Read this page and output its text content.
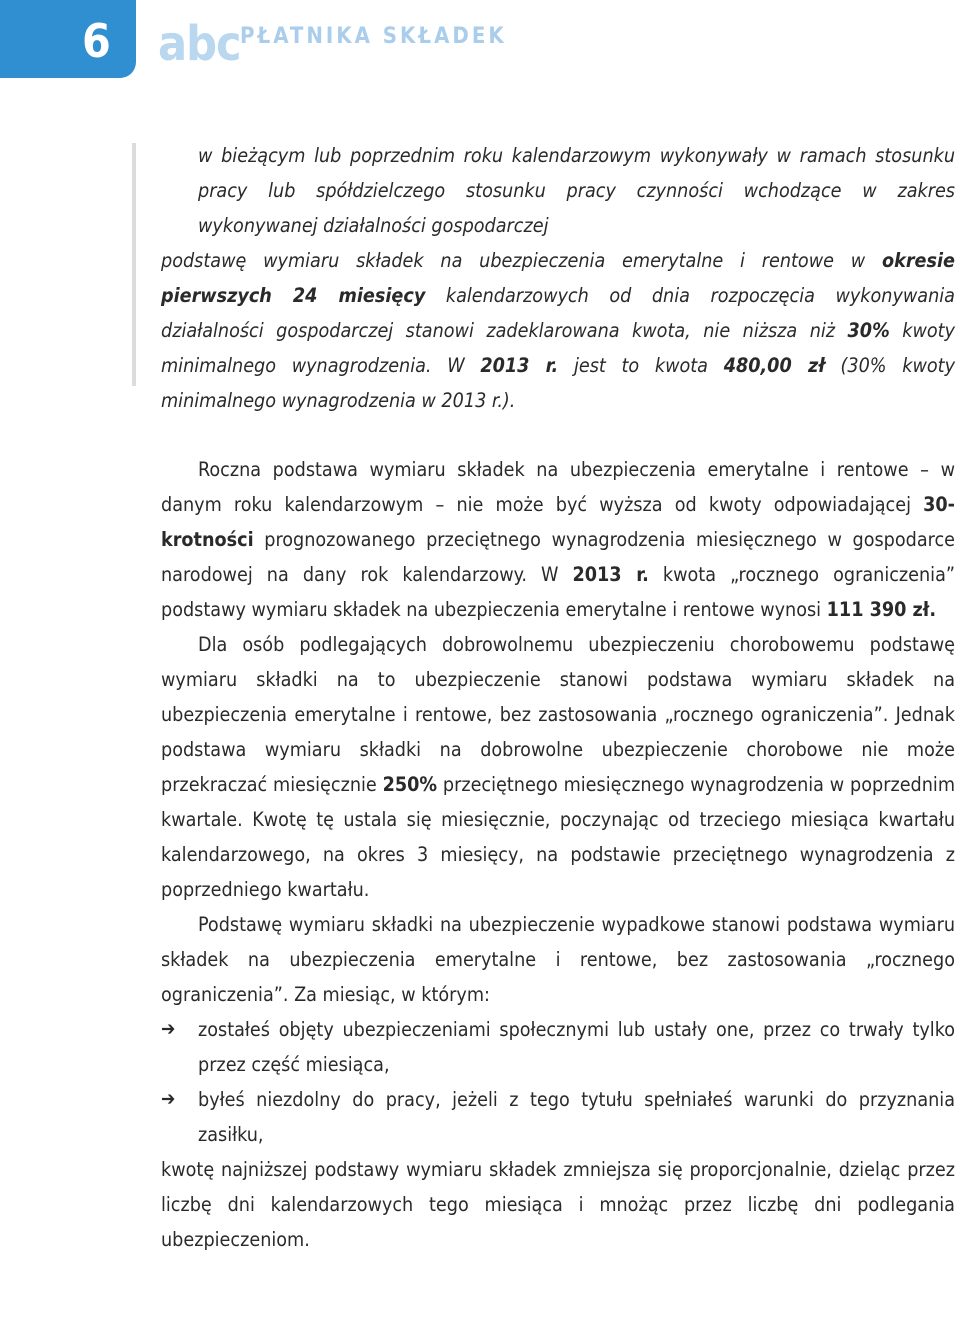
6 abc PŁATNIKA SKŁADEK
w bieżącym lub poprzednim roku kalendarzowym wykonywały w ramach stosunku pracy lub spółdzielczego stosunku pracy czynności wchodzące w zakres wykonywanej działalności gospodarczej
podstawę wymiaru składek na ubezpieczenia emerytalne i rentowe w okresie pierwszych 24 miesięcy kalendarzowych od dnia rozpoczęcia wykonywania działalności gospodarczej stanowi zadeklarowana kwota, nie niższa niż 30% kwoty minimalnego wynagrodzenia. W 2013 r. jest to kwota 480,00 zł (30% kwoty minimalnego wynagrodzenia w 2013 r.).

Roczna podstawa wymiaru składek na ubezpieczenia emerytalne i rentowe – w danym roku kalendarzowym – nie może być wyższa od kwoty odpowiadającej 30-krotności prognozowanego przeciętnego wynagrodzenia miesięcznego w gospodarce narodowej na dany rok kalendarzowy. W 2013 r. kwota „rocznego ograniczenia” podstawy wymiaru składek na ubezpieczenia emerytalne i rentowe wynosi 111 390 zł.

Dla osób podlegających dobrowolnemu ubezpieczeniu chorobowemu podstawę wymiaru składki na to ubezpieczenie stanowi podstawa wymiaru składek na ubezpieczenia emerytalne i rentowe, bez zastosowania „rocznego ograniczenia”. Jednak podstawa wymiaru składki na dobrowolne ubezpieczenie chorobowe nie może przekraczać miesięcznie 250% przeciętnego miesięcznego wynagrodzenia w poprzednim kwartale. Kwotę tę ustala się miesięcznie, poczynając od trzeciego miesiąca kwartału kalendarzowego, na okres 3 miesięcy, na podstawie przeciętnego wynagrodzenia z poprzedniego kwartału.

Podstawę wymiaru składki na ubezpieczenie wypadkowe stanowi podstawa wymiaru składek na ubezpieczenia emerytalne i rentowe, bez zastosowania „rocznego ograniczenia”. Za miesiąc, w którym:

➔ zostałeś objęty ubezpieczeniami społecznymi lub ustały one, przez co trwały tylko przez część miesiąca,
➔ byłeś niezdolny do pracy, jeżeli z tego tytułu spełniałeś warunki do przyznania zasiłku,

kwotę najniższej podstawy wymiaru składek zmniejsza się proporcjonalnie, dzieląc przez liczbę dni kalendarzowych tego miesiąca i mnożąc przez liczbę dni podlegania ubezpieczeniom.
